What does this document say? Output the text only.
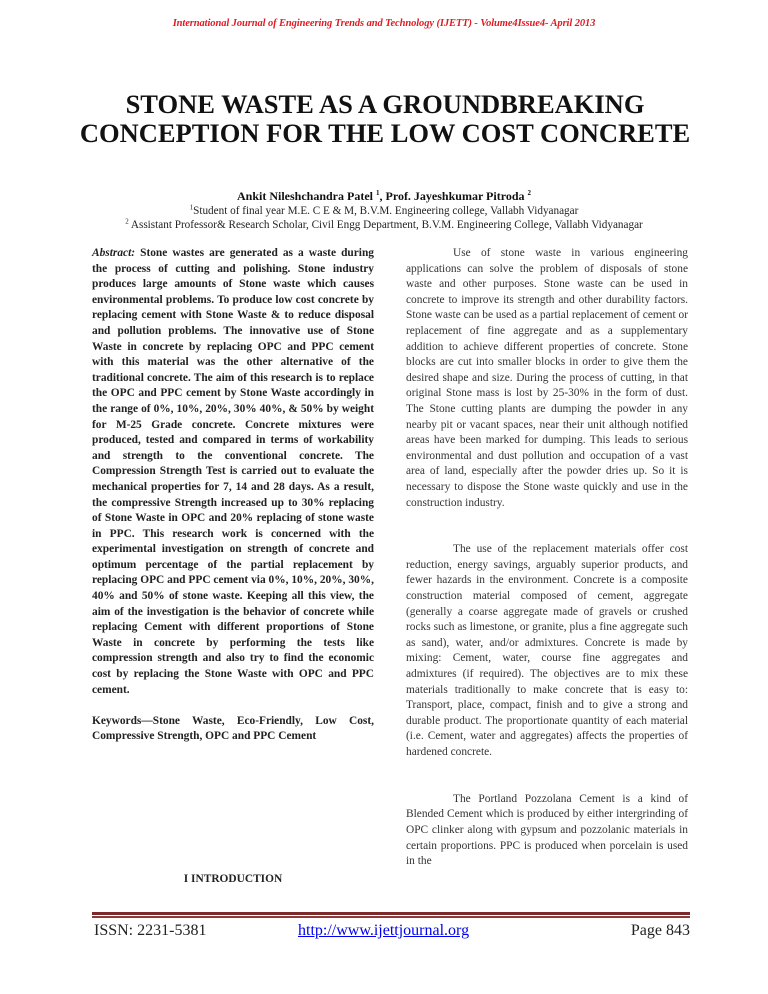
International Journal of Engineering Trends and Technology (IJETT) - Volume4Issue4- April 2013
STONE WASTE AS A GROUNDBREAKING CONCEPTION FOR THE LOW COST CONCRETE
Ankit Nileshchandra Patel $^1$, Prof. Jayeshkumar Pitroda $^2$
$^1$Student of final year M.E. C E & M, B.V.M. Engineering college, Vallabh Vidyanagar
$^2$ Assistant Professor& Research Scholar, Civil Engg Department, B.V.M. Engineering College, Vallabh Vidyanagar

Abstract: Stone wastes are generated as a waste during the process of cutting and polishing. Stone industry produces large amounts of Stone waste which causes environmental problems. To produce low cost concrete by replacing cement with Stone Waste & to reduce disposal and pollution problems. The innovative use of Stone Waste in concrete by replacing OPC and PPC cement with this material was the other alternative of the traditional concrete. The aim of this research is to replace the OPC and PPC cement by Stone Waste accordingly in the range of 0%, 10%, 20%, 30% 40%, & 50% by weight for M-25 Grade concrete. Concrete mixtures were produced, tested and compared in terms of workability and strength to the conventional concrete. The Compression Strength Test is carried out to evaluate the mechanical properties for 7, 14 and 28 days. As a result, the compressive Strength increased up to 30% replacing of Stone Waste in OPC and 20% replacing of stone waste in PPC. This research work is concerned with the experimental investigation on strength of concrete and optimum percentage of the partial replacement by replacing OPC and PPC cement via 0%, 10%, 20%, 30%, 40% and 50% of stone waste. Keeping all this view, the aim of the investigation is the behavior of concrete while replacing Cement with different proportions of Stone Waste in concrete by performing the tests like compression strength and also try to find the economic cost by replacing the Stone Waste with OPC and PPC cement.

Keywords—Stone Waste, Eco-Friendly, Low Cost, Compressive Strength, OPC and PPC Cement

I INTRODUCTION

Use of stone waste in various engineering applications can solve the problem of disposals of stone waste and other purposes. Stone waste can be used in concrete to improve its strength and other durability factors. Stone waste can be used as a partial replacement of cement or replacement of fine aggregate and as a supplementary addition to achieve different properties of concrete. Stone blocks are cut into smaller blocks in order to give them the desired shape and size. During the process of cutting, in that original Stone mass is lost by 25-30% in the form of dust. The Stone cutting plants are dumping the powder in any nearby pit or vacant spaces, near their unit although notified areas have been marked for dumping. This leads to serious environmental and dust pollution and occupation of a vast area of land, especially after the powder dries up. So it is necessary to dispose the Stone waste quickly and use in the construction industry.

The use of the replacement materials offer cost reduction, energy savings, arguably superior products, and fewer hazards in the environment. Concrete is a composite construction material composed of cement, aggregate (generally a coarse aggregate made of gravels or crushed rocks such as limestone, or granite, plus a fine aggregate such as sand), water, and/or admixtures. Concrete is made by mixing: Cement, water, course fine aggregates and admixtures (if required). The objectives are to mix these materials traditionally to make concrete that is easy to: Transport, place, compact, finish and to give a strong and durable product. The proportionate quantity of each material (i.e. Cement, water and aggregates) affects the properties of hardened concrete.

The Portland Pozzolana Cement is a kind of Blended Cement which is produced by either intergrinding of OPC clinker along with gypsum and pozzolanic materials in certain proportions. PPC is produced when porcelain is used in the

ISSN: 2231-5381	http://www.ijettjournal.org	Page 843
